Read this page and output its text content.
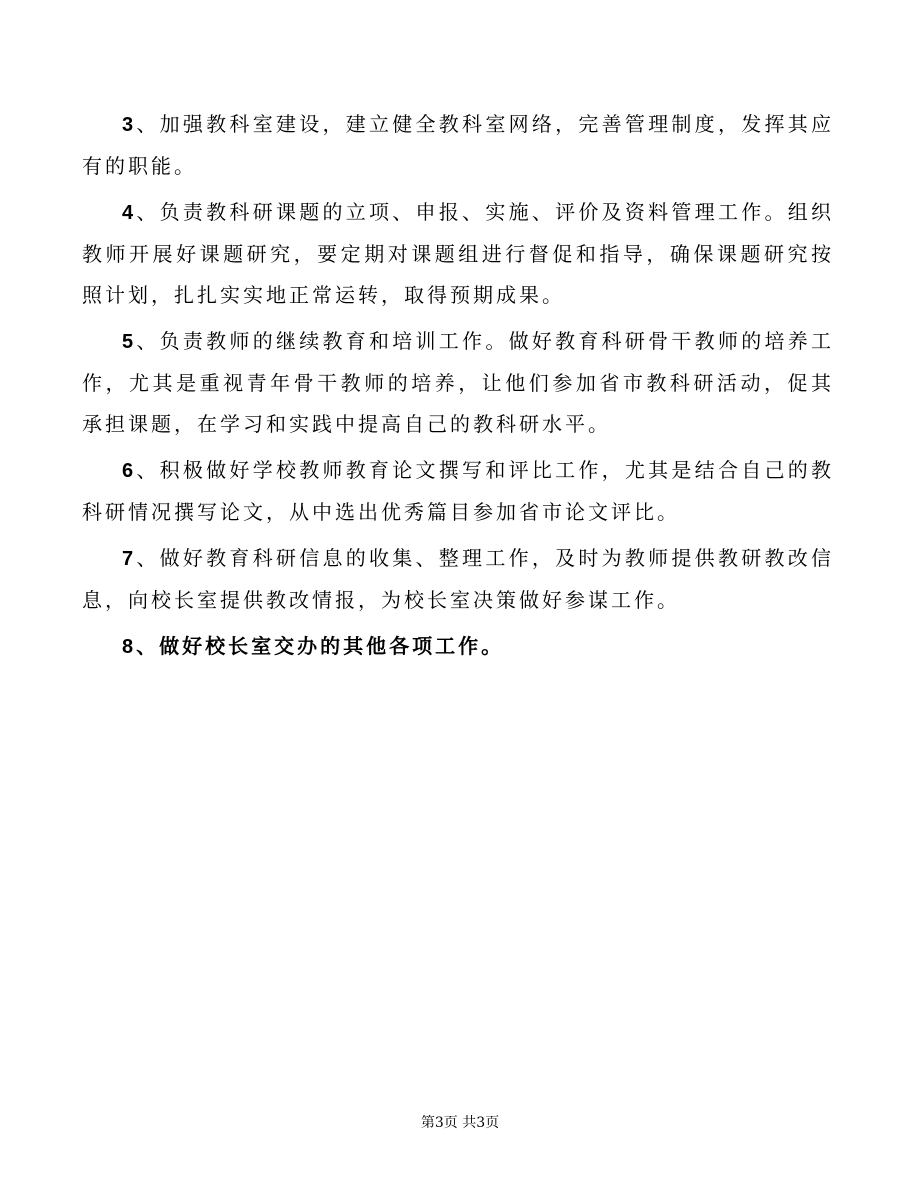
3、加强教科室建设，建立健全教科室网络，完善管理制度，发挥其应有的职能。

4、负责教科研课题的立项、申报、实施、评价及资料管理工作。组织教师开展好课题研究，要定期对课题组进行督促和指导，确保课题研究按照计划，扎扎实实地正常运转，取得预期成果。

5、负责教师的继续教育和培训工作。做好教育科研骨干教师的培养工作，尤其是重视青年骨干教师的培养，让他们参加省市教科研活动，促其承担课题，在学习和实践中提高自己的教科研水平。

6、积极做好学校教师教育论文撰写和评比工作，尤其是结合自己的教科研情况撰写论文，从中选出优秀篇目参加省市论文评比。

7、做好教育科研信息的收集、整理工作，及时为教师提供教研教改信息，向校长室提供教改情报，为校长室决策做好参谋工作。

8、做好校长室交办的其他各项工作。

第3页 共3页
